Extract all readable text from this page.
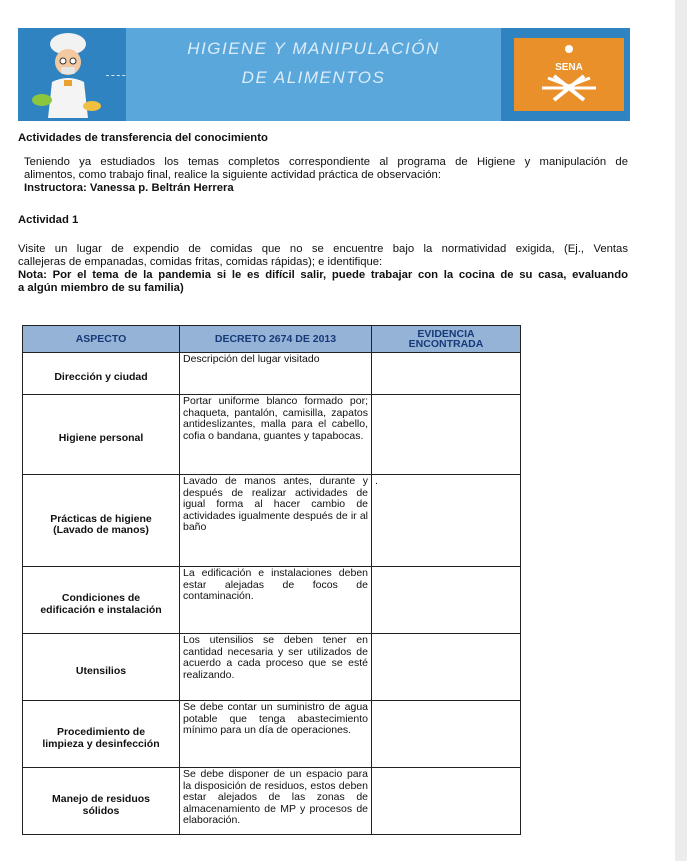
HIGIENE Y MANIPULACIÓN
DE ALIMENTOS
SENA
Actividades de transferencia del conocimiento
Teniendo ya estudiados los temas completos correspondiente al programa de Higiene y manipulación de
alimentos, como trabajo final, realice la siguiente actividad práctica de observación:
Instructora: Vanessa p. Beltrán Herrera
Actividad 1
Visite un lugar de expendio de comidas que no se encuentre bajo la normatividad exigida, (Ej., Ventas
callejeras de empanadas, comidas fritas, comidas rápidas); e identifique:
Nota: Por el tema de la pandemia si le es difícil salir, puede trabajar con la cocina de su casa, evaluando
a algún miembro de su familia)
ASPECTO	DECRETO 2674 DE 2013	EVIDENCIA
ENCONTRADA

Dirección y ciudad	Descripción del lugar visitado	

Higiene personal	Portar uniforme blanco formado por; chaqueta, pantalón, camisilla, zapatos antideslizantes, malla para el cabello, cofia o bandana, guantes y tapabocas.	

Prácticas de higiene
(Lavado de manos)	Lavado de manos antes, durante y después de realizar actividades de igual forma al hacer cambio de actividades igualmente después de ir al baño	.

Condiciones de
edificación e instalación	La edificación e instalaciones deben estar alejadas de focos de contaminación.	

Utensilios	Los utensilios se deben tener en cantidad necesaria y ser utilizados de acuerdo a cada proceso que se esté realizando.	

Procedimiento de
limpieza y desinfección	Se debe contar un suministro de agua potable que tenga abastecimiento mínimo para un día de operaciones.	

Manejo de residuos
sólidos	Se debe disponer de un espacio para la disposición de residuos, estos deben estar alejados de las zonas de almacenamiento de MP y procesos de elaboración.	
